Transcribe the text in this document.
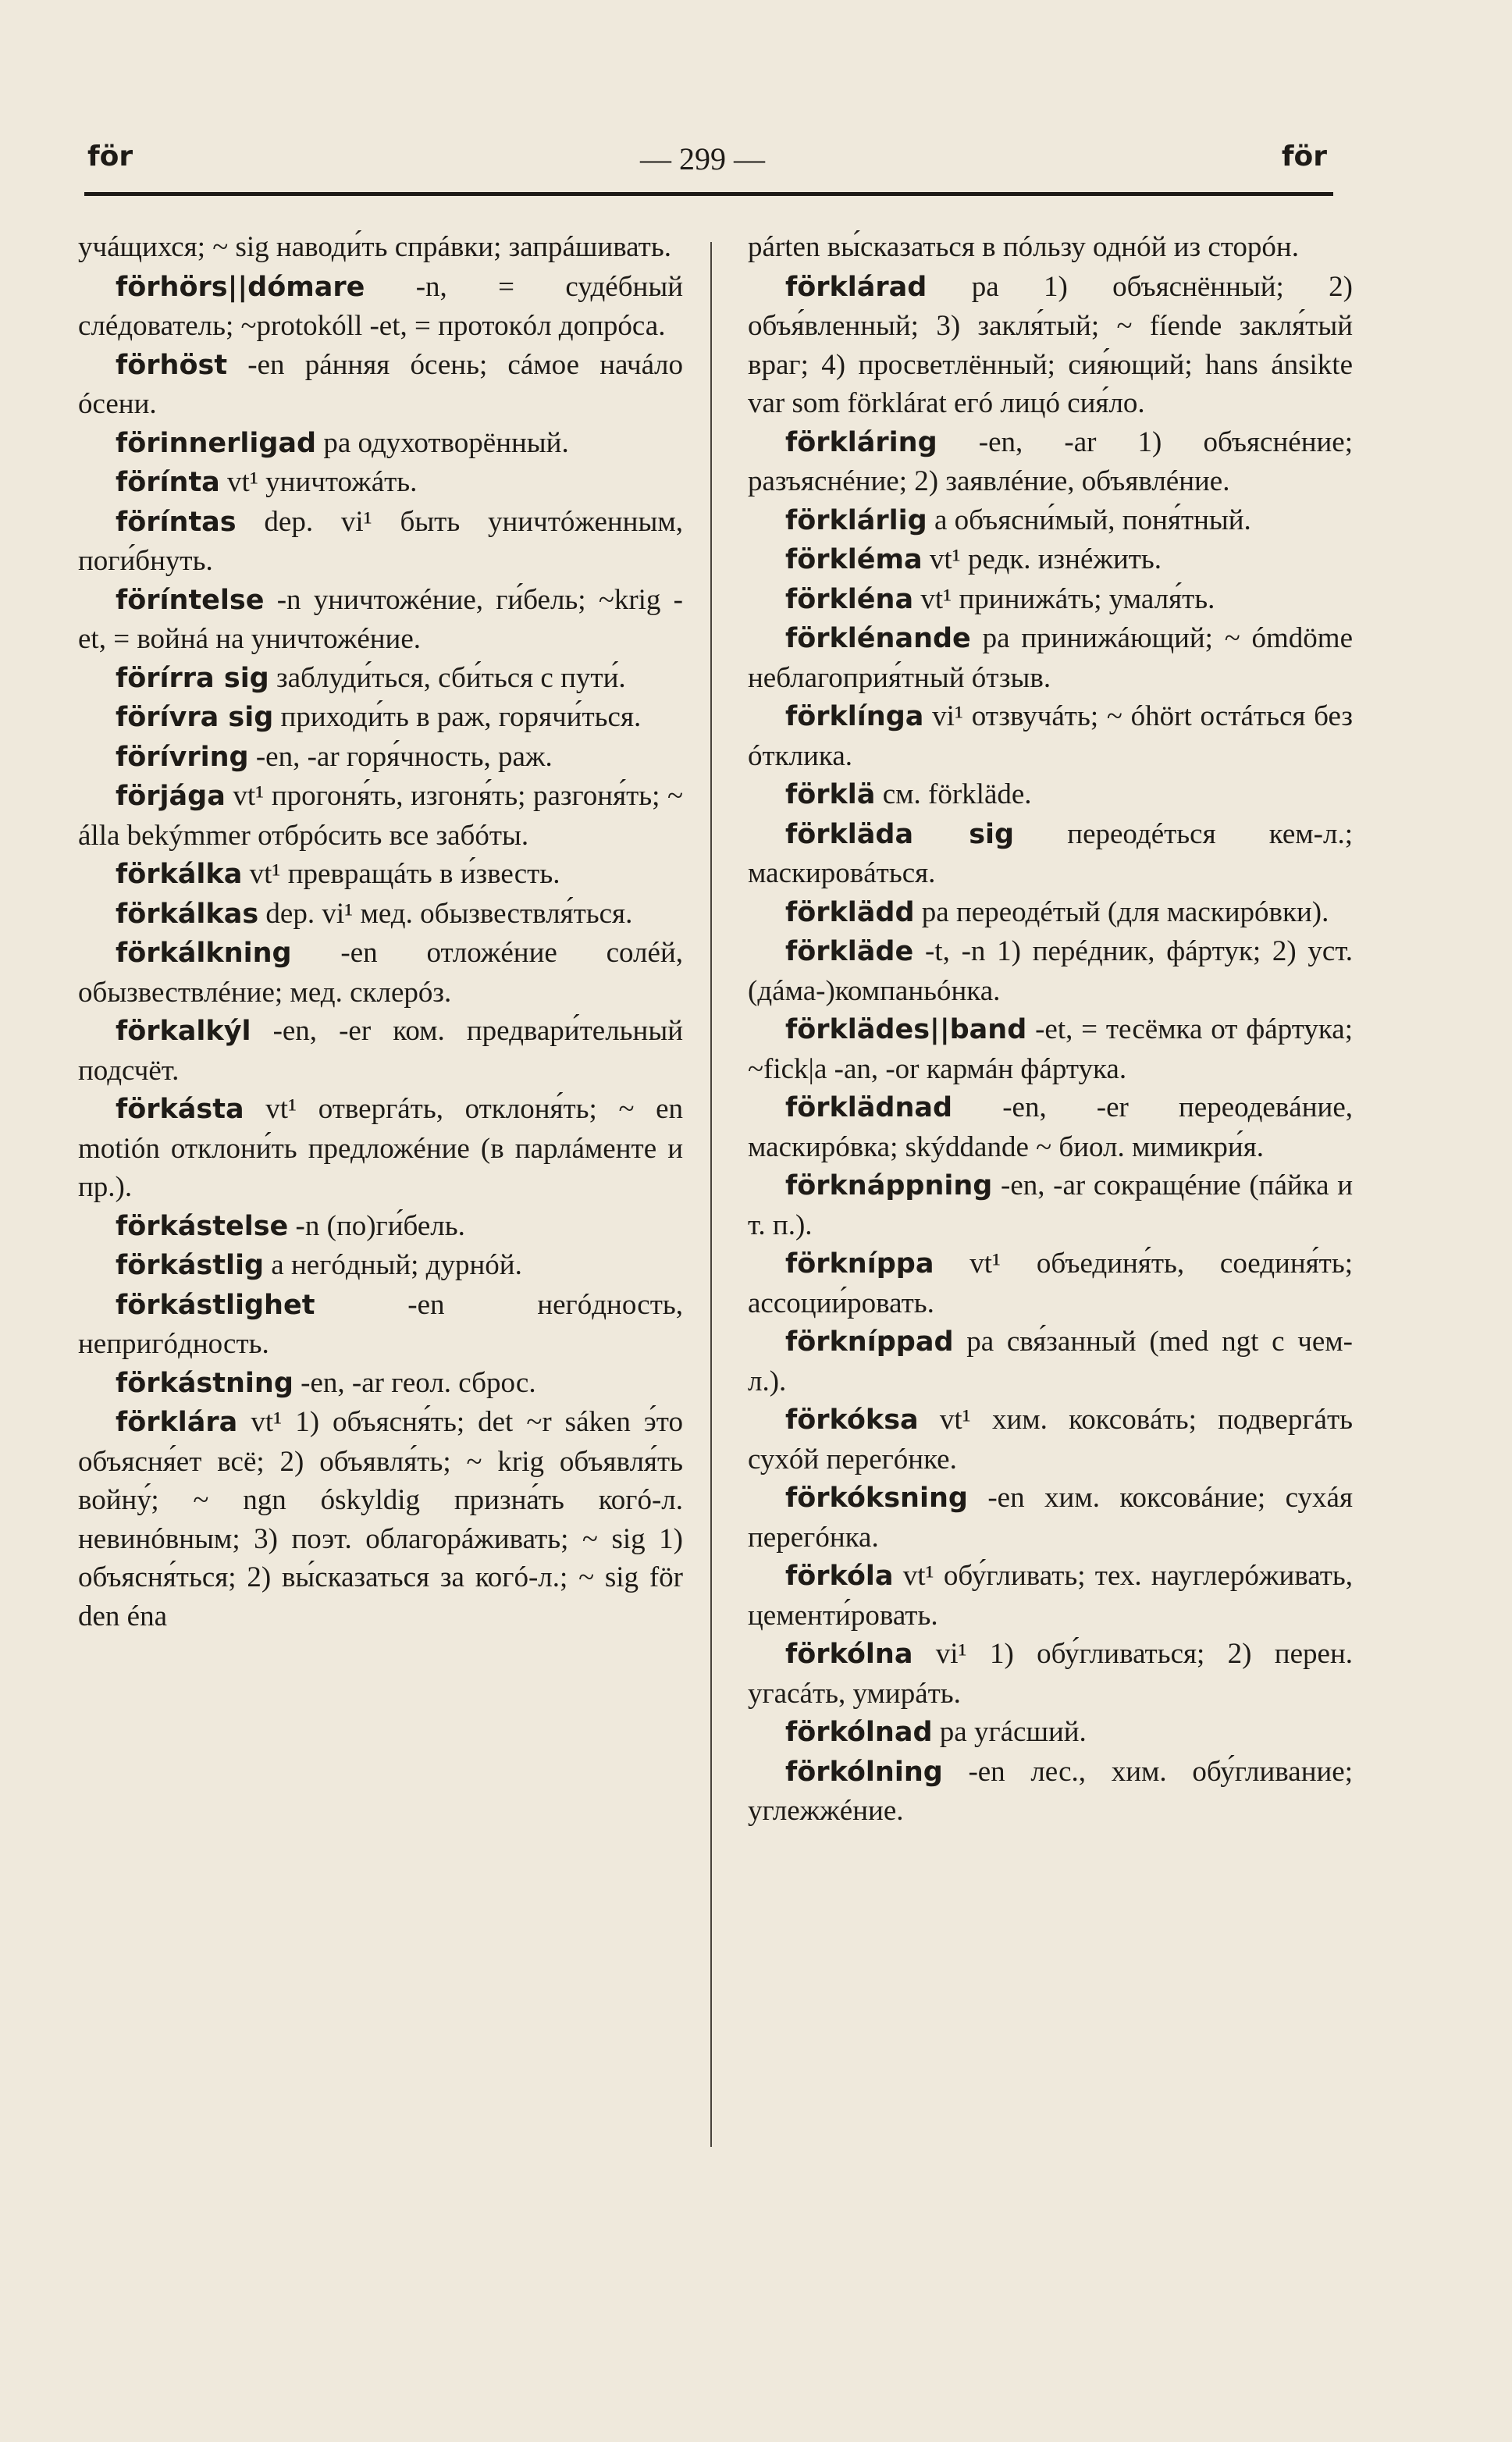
för	— 299 —	för

учáщихся; ~ sig наводи́ть спрáвки; запрáшивать.

förhörs||dómare -n, = судéбный слéдователь; ~protokóll -et, = протокóл допрóса.

förhöst -en рáнняя óсень; сáмое начáло óсени.

förinnerligad pa одухотворённый.

förínta vt¹ уничтожáть.

föríntas dep. vi¹ быть уничтóженным, поги́бнуть.

föríntelse -n уничтожéние, ги́бель; ~krig -et, = войнá на уничтожéние.

förírra sig заблуди́ться, сби́ться с пути́.

förívra sig приходи́ть в раж, горячи́ться.

förívring -en, -ar горя́чность, раж.

förjága vt¹ прогоня́ть, изгоня́ть; разгоня́ть; ~ álla bekýmmer отбрóсить все забóты.

förkálka vt¹ превращáть в и́звесть.

förkálkas dep. vi¹ мед. обызвествля́ться.

förkálkning -en отложéние солéй, обызвествлéние; мед. склерóз.

förkalkýl -en, -er ком. предвари́тельный подсчёт.

förkásta vt¹ отвергáть, отклоня́ть; ~ en motión отклони́ть предложéние (в парлáменте и пр.).

förkástelse -n (по)ги́бель.

förkástlig a негóдный; дурнóй.

förkástlighet -en негóдность, непригóдность.

förkástning -en, -ar геол. сброс.

förklára vt¹ 1) объясня́ть; det ~r sáken э́то объясня́ет всё; 2) объявля́ть; ~ krig объявля́ть войну́; ~ ngn óskyldig призна́ть когó-л. невинóвным; 3) поэт. облагорáживать; ~ sig 1) объясня́ться; 2) вы́сказаться за когó-л.; ~ sig för den éna

párten вы́сказаться в пóльзу однóй из сторóн.

förklárad pa 1) объяснённый; 2) объя́вленный; 3) закля́тый; ~ fíende закля́тый враг; 4) просветлённый; сия́ющий; hans ánsikte var som förklárat егó лицó сия́ло.

förkláring -en, -ar 1) объяснéние; разъяснéние; 2) заявлéние, объявлéние.

förklárlig a объясни́мый, поня́тный.

förkléma vt¹ редк. изнéжить.

förkléna vt¹ принижáть; умаля́ть.

förklénande pa принижáющий; ~ ómdöme неблагоприя́тный óтзыв.

förklínga vi¹ отзвучáть; ~ óhört остáться без óтклика.

förklä см. förkläde.

förkläda sig переодéться кем-л.; маскировáться.

förklädd pa переодéтый (для маскирóвки).

förkläde -t, -n 1) перéдник, фáртук; 2) уст. (дáма-)компаньóнка.

förklädes||band -et, = тесёмка от фáртука; ~fick|a -an, -or кармáн фáртука.

förklädnad -en, -er переодевáние, маскирóвка; skýddande ~ биол. мимикри́я.

förknáppning -en, -ar сокращéние (пáйка и т. п.).

förknípра vt¹ объединя́ть, соединя́ть; ассоции́ровать.

förkníppad pa свя́занный (med ngt с чем-л.).

förkóksa vt¹ хим. коксовáть; подвергáть сухóй перегóнке.

förkóksning -en хим. коксовáние; сухáя перегóнка.

förkóla vt¹ обу́гливать; тех. науглерóживать, цементи́ровать.

förkólna vi¹ 1) обу́гливаться; 2) перен. угасáть, умирáть.

förkólnad pa угáсший.

förkólning -en лес., хим. обу́гливание; углежжéние.
